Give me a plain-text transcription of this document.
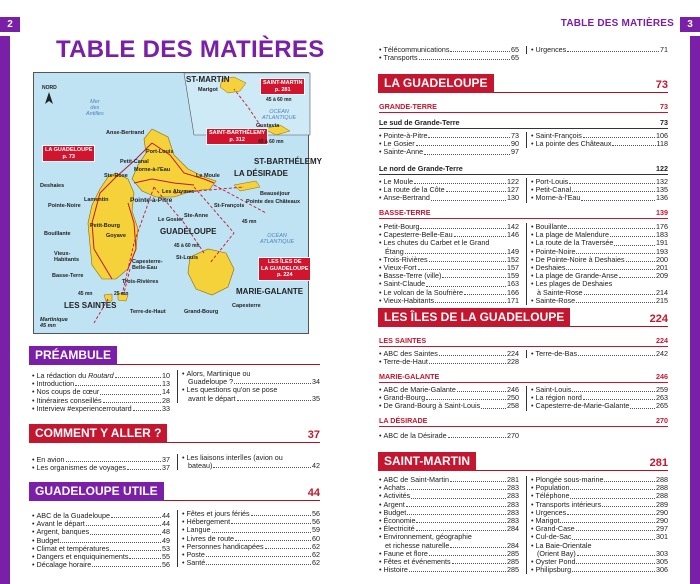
2	TABLE DES MATIÈRES	3
TABLE DES MATIÈRES
NORD
Mer
des
Antilles	OCÉAN
ATLANTIQUE
OCÉAN
ATLANTIQUE
SAINT-MARTIN
p. 281
SAINT-BARTHÉLEMY
p. 312
LA GUADELOUPE
p. 73
LES ÎLES DE
LA GUADELOUPE
p. 224
ST-MARTIN
Marigot
Gustavia
ST-BARTHÉLEMY
Anse-Bertrand
Port-Louis
Petit-Canal
Morne-à-l'Eau
Deshaies
Ste-Rose
Les Abymes
Le Moule LA DÉSIRADE
Lamentin	Pointe-à-Pitre
Pointe-Noire
Le Gosier
Ste-Anne
St-François
Beauséjour
Pointe des Châteaux
Petit-Bourg
Goyave	GUADELOUPE
Bouillante
Capesterre-Belle-Eau
Vieux-Habitants
Basse-Terre
Trois-Rivières
St-Louis
MARIE-GALANTE
LES SAINTES
Terre-de-Haut	Grand-Bourg
Capesterre
Martinique
45 mn
45 à 60 mn
45 à 60 mn
45 mn
45 à 60 mn
45 mn	25 mn
PRÉAMBULE
• La rédaction du Routard	10
• Introduction	13
• Nos coups de cœur	14
• Itinéraires conseillés	28
• Interview #experiencerroutard	33
• Alors, Martinique ou
Guadeloupe ?	34
• Les questions qu'on se pose
avant le départ	35
COMMENT Y ALLER ?	37
• En avion	37
• Les organismes de voyages	37
• Les liaisons interîles (avion ou
bateau)	42
GUADELOUPE UTILE	44
• ABC de la Guadeloupe	44
• Avant le départ	44
• Argent, banques	48
• Budget	49
• Climat et températures	53
• Dangers et enquiquinements	55
• Décalage horaire	56
• Fêtes et jours fériés	56
• Hébergement	56
• Langue	59
• Livres de route	60
• Personnes handicapées	62
• Poste	62
• Santé	62
• Télécommunications	65
• Transports	65
• Urgences	71
LA GUADELOUPE	73
GRANDE-TERRE	73
Le sud de Grande-Terre	73
• Pointe-à-Pitre	73
• Le Gosier	90
• Sainte-Anne	97
• Saint-François	106
• La pointe des Châteaux	118
Le nord de Grande-Terre	122
• Le Moule	122
• La route de la Côte	127
• Anse-Bertrand	130
• Port-Louis	132
• Petit-Canal	135
• Morne-à-l'Eau	136
BASSE-TERRE	139
• Petit-Bourg	142
• Capesterre-Belle-Eau	146
• Les chutes du Carbet et le Grand
Étang	149
• Trois-Rivières	152
• Vieux-Fort	157
• Basse-Terre (ville)	159
• Saint-Claude	163
• Le volcan de la Soufrière	166
• Vieux-Habitants	171
• Bouillante	176
• La plage de Malendure	183
• La route de la Traversée	191
• Pointe-Noire	193
• De Pointe-Noire à Deshaies	200
• Deshaies	201
• La plage de Grande-Anse	209
• Les plages de Deshaies
à Sainte-Rose	214
• Sainte-Rose	215
LES ÎLES DE LA GUADELOUPE	224
LES SAINTES	224
• ABC des Saintes	224
• Terre-de-Haut	228
• Terre-de-Bas	242
MARIE-GALANTE	246
• ABC de Marie-Galante	246
• Grand-Bourg	250
• De Grand-Bourg à Saint-Louis	258
• Saint-Louis	259
• La région nord	263
• Capesterre-de-Marie-Galante	265
LA DÉSIRADE	270
• ABC de la Désirade	270
SAINT-MARTIN	281
• ABC de Saint-Martin	281
• Achats	283
• Activités	283
• Argent	283
• Budget	283
• Économie	283
• Électricité	284
• Environnement, géographie
et richesse naturelle	284
• Faune et flore	285
• Fêtes et événements	285
• Histoire	285
• Plongée sous-marine	288
• Population	288
• Téléphone	288
• Transports intérieurs	289
• Urgences	290
• Marigot	290
• Grand-Case	297
• Cul-de-Sac	301
• La Baie-Orientale
(Orient Bay)	303
• Oyster Pond	305
• Philipsburg	306
